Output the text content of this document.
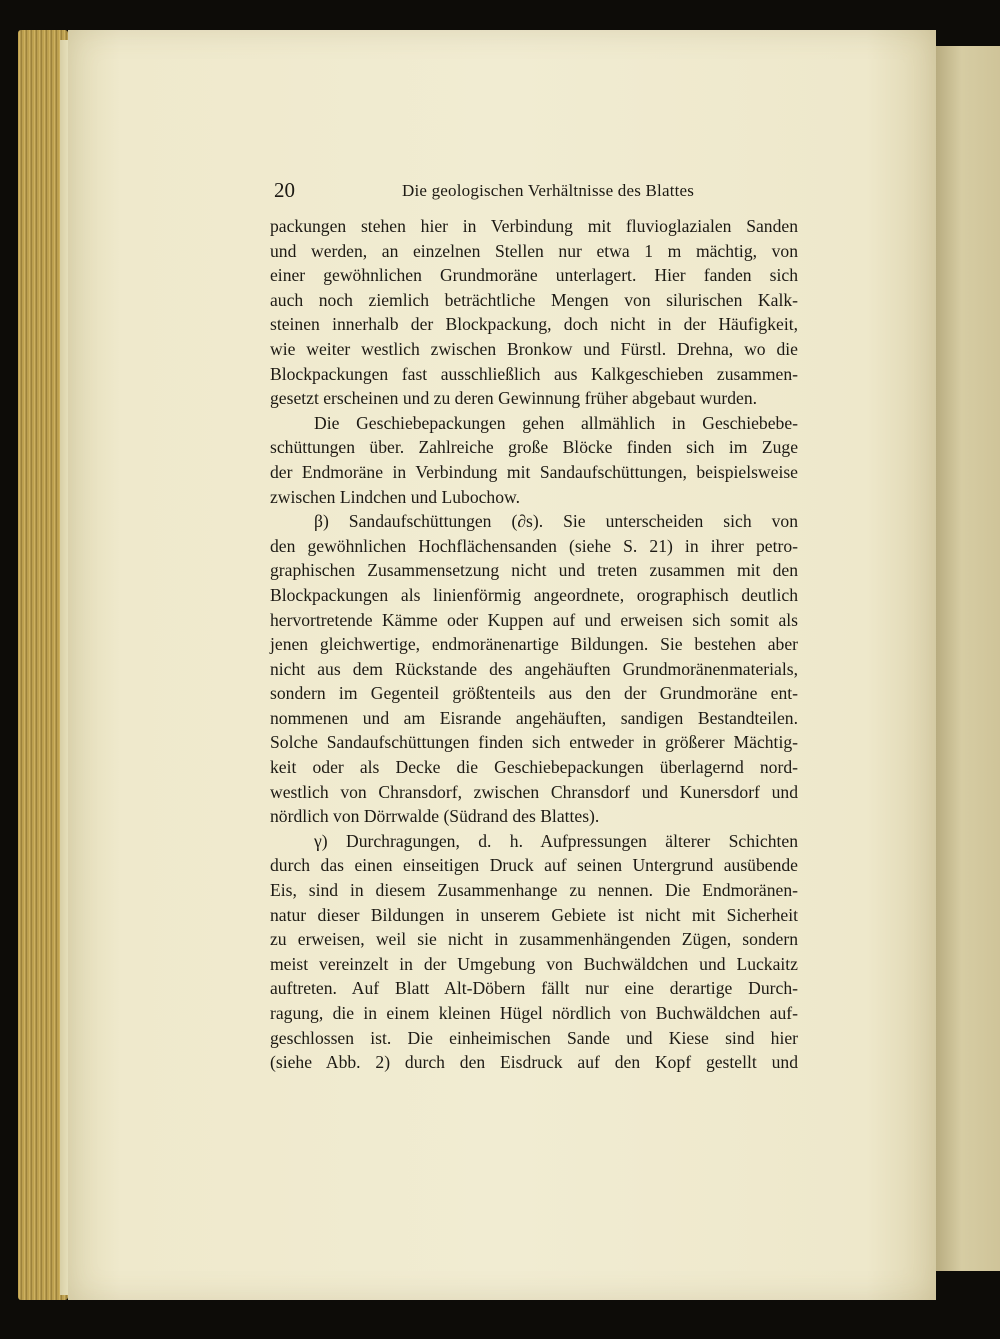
20	Die geologischen Verhältnisse des Blattes
packungen stehen hier in Verbindung mit fluvioglazialen Sanden
und werden, an einzelnen Stellen nur etwa 1 m mächtig, von
einer gewöhnlichen Grundmoräne unterlagert. Hier fanden sich
auch noch ziemlich beträchtliche Mengen von silurischen Kalk-
steinen innerhalb der Blockpackung, doch nicht in der Häufigkeit,
wie weiter westlich zwischen Bronkow und Fürstl. Drehna, wo die
Blockpackungen fast ausschließlich aus Kalkgeschieben zusammen-
gesetzt erscheinen und zu deren Gewinnung früher abgebaut wurden.
Die Geschiebepackungen gehen allmählich in Geschiebebe-
schüttungen über. Zahlreiche große Blöcke finden sich im Zuge
der Endmoräne in Verbindung mit Sandaufschüttungen, beispielsweise
zwischen Lindchen und Lubochow.
β) Sandaufschüttungen (∂s). Sie unterscheiden sich von
den gewöhnlichen Hochflächensanden (siehe S. 21) in ihrer petro-
graphischen Zusammensetzung nicht und treten zusammen mit den
Blockpackungen als linienförmig angeordnete, orographisch deutlich
hervortretende Kämme oder Kuppen auf und erweisen sich somit als
jenen gleichwertige, endmoränenartige Bildungen. Sie bestehen aber
nicht aus dem Rückstande des angehäuften Grundmoränenmaterials,
sondern im Gegenteil größtenteils aus den der Grundmoräne ent-
nommenen und am Eisrande angehäuften, sandigen Bestandteilen.
Solche Sandaufschüttungen finden sich entweder in größerer Mächtig-
keit oder als Decke die Geschiebepackungen überlagernd nord-
westlich von Chransdorf, zwischen Chransdorf und Kunersdorf und
nördlich von Dörrwalde (Südrand des Blattes).
γ) Durchragungen, d. h. Aufpressungen älterer Schichten
durch das einen einseitigen Druck auf seinen Untergrund ausübende
Eis, sind in diesem Zusammenhange zu nennen. Die Endmoränen-
natur dieser Bildungen in unserem Gebiete ist nicht mit Sicherheit
zu erweisen, weil sie nicht in zusammenhängenden Zügen, sondern
meist vereinzelt in der Umgebung von Buchwäldchen und Luckaitz
auftreten. Auf Blatt Alt-Döbern fällt nur eine derartige Durch-
ragung, die in einem kleinen Hügel nördlich von Buchwäldchen auf-
geschlossen ist. Die einheimischen Sande und Kiese sind hier
(siehe Abb. 2) durch den Eisdruck auf den Kopf gestellt und
